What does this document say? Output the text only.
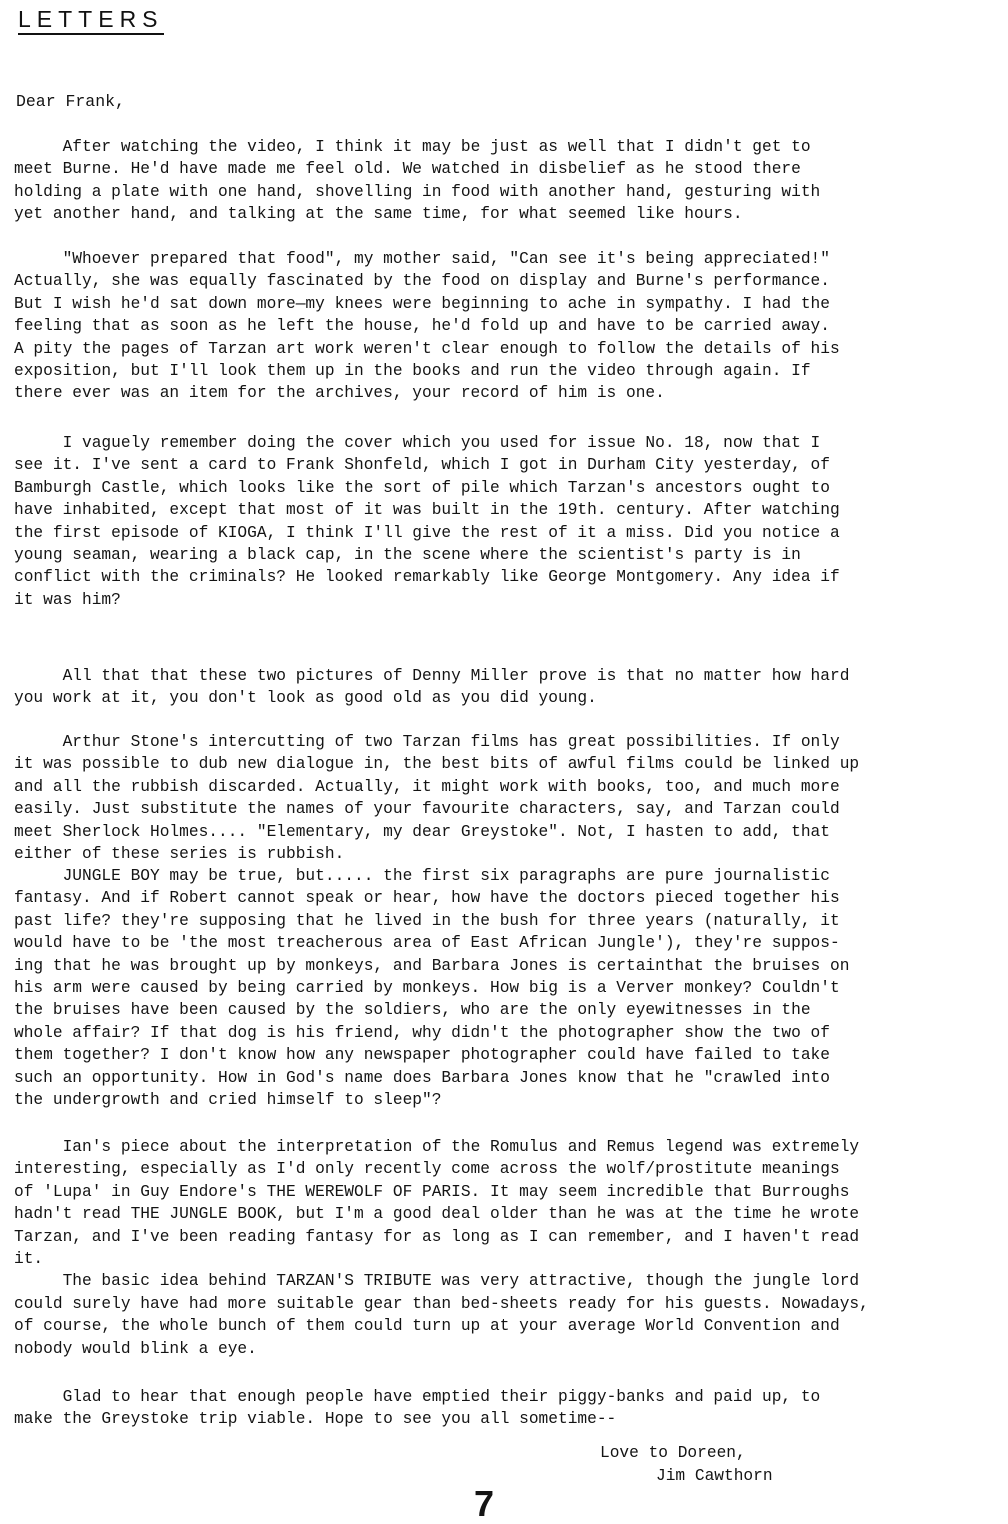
LETTERS
Dear Frank,

After watching the video, I think it may be just as well that I didn't get to
meet Burne. He'd have made me feel old. We watched in disbelief as he stood there
holding a plate with one hand, shovelling in food with another hand, gesturing with
yet another hand, and talking at the same time, for what seemed like hours.

"Whoever prepared that food", my mother said, "Can see it's being appreciated!"
Actually, she was equally fascinated by the food on display and Burne's performance.
But I wish he'd sat down more—my knees were beginning to ache in sympathy. I had the
feeling that as soon as he left the house, he'd fold up and have to be carried away.
A pity the pages of Tarzan art work weren't clear enough to follow the details of his
exposition, but I'll look them up in the books and run the video through again. If
there ever was an item for the archives, your record of him is one.

I vaguely remember doing the cover which you used for issue No. 18, now that I
see it. I've sent a card to Frank Shonfeld, which I got in Durham City yesterday, of
Bamburgh Castle, which looks like the sort of pile which Tarzan's ancestors ought to
have inhabited, except that most of it was built in the 19th. century. After watching
the first episode of KIOGA, I think I'll give the rest of it a miss. Did you notice a
young seaman, wearing a black cap, in the scene where the scientist's party is in
conflict with the criminals? He looked remarkably like George Montgomery. Any idea if
it was him?

All that that these two pictures of Denny Miller prove is that no matter how hard
you work at it, you don't look as good old as you did young.

Arthur Stone's intercutting of two Tarzan films has great possibilities. If only
it was possible to dub new dialogue in, the best bits of awful films could be linked up
and all the rubbish discarded. Actually, it might work with books, too, and much more
easily. Just substitute the names of your favourite characters, say, and Tarzan could
meet Sherlock Holmes.... "Elementary, my dear Greystoke". Not, I hasten to add, that
either of these series is rubbish.

JUNGLE BOY may be true, but..... the first six paragraphs are pure journalistic
fantasy. And if Robert cannot speak or hear, how have the doctors pieced together his
past life? they're supposing that he lived in the bush for three years (naturally, it
would have to be 'the most treacherous area of East African Jungle'), they're suppos-
ing that he was brought up by monkeys, and Barbara Jones is certainthat the bruises on
his arm were caused by being carried by monkeys. How big is a Verver monkey? Couldn't
the bruises have been caused by the soldiers, who are the only eyewitnesses in the
whole affair? If that dog is his friend, why didn't the photographer show the two of
them together? I don't know how any newspaper photographer could have failed to take
such an opportunity. How in God's name does Barbara Jones know that he "crawled into
the undergrowth and cried himself to sleep"?

Ian's piece about the interpretation of the Romulus and Remus legend was extremely
interesting, especially as I'd only recently come across the wolf/prostitute meanings
of 'Lupa' in Guy Endore's THE WEREWOLF OF PARIS. It may seem incredible that Burroughs
hadn't read THE JUNGLE BOOK, but I'm a good deal older than he was at the time he wrote
Tarzan, and I've been reading fantasy for as long as I can remember, and I haven't read
it.
The basic idea behind TARZAN'S TRIBUTE was very attractive, though the jungle lord
could surely have had more suitable gear than bed-sheets ready for his guests. Nowadays,
of course, the whole bunch of them could turn up at your average World Convention and
nobody would blink a eye.

Glad to hear that enough people have emptied their piggy-banks and paid up, to
make the Greystoke trip viable. Hope to see you all sometime--

Love to Doreen,
Jim Cawthorn
7
